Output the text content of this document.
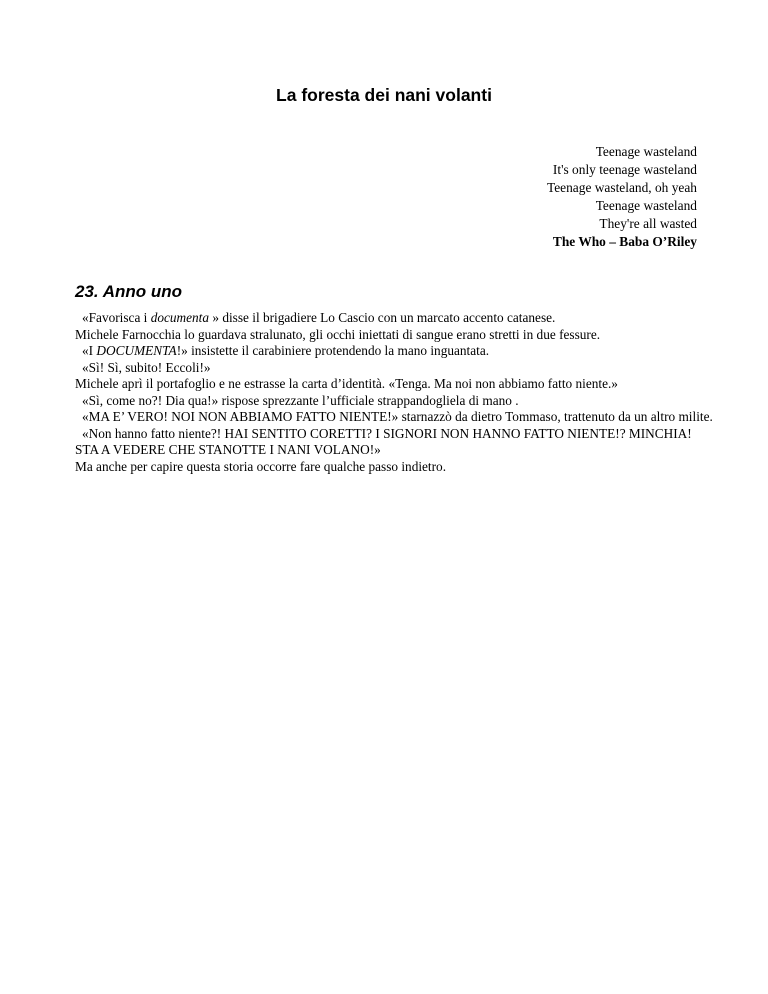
La foresta dei nani volanti
Teenage wasteland
It's only teenage wasteland
Teenage wasteland, oh yeah
Teenage wasteland
They're all wasted
The Who – Baba O’Riley
23. Anno uno

«Favorisca i documenta » disse il brigadiere Lo Cascio con un marcato accento catanese.

Michele Farnocchia lo guardava stralunato, gli occhi iniettati di sangue erano stretti in due fessure.

«I DOCUMENTA!» insistette il carabiniere protendendo la mano inguantata.

«Sì! Sì, subito! Eccoli!»

Michele aprì il portafoglio e ne estrasse la carta d’identità. «Tenga. Ma noi non abbiamo fatto niente.»

«Sì, come no?! Dia qua!» rispose sprezzante l’ufficiale strappandogliela di mano .

«MA E’ VERO! NOI NON ABBIAMO FATTO NIENTE!» starnazzò da dietro Tommaso, trattenuto da un altro milite.

«Non hanno fatto niente?! HAI SENTITO CORETTI? I SIGNORI NON HANNO FATTO NIENTE!? MINCHIA! STA A VEDERE CHE STANOTTE I NANI VOLANO!»

Ma anche per capire questa storia occorre fare qualche passo indietro.
